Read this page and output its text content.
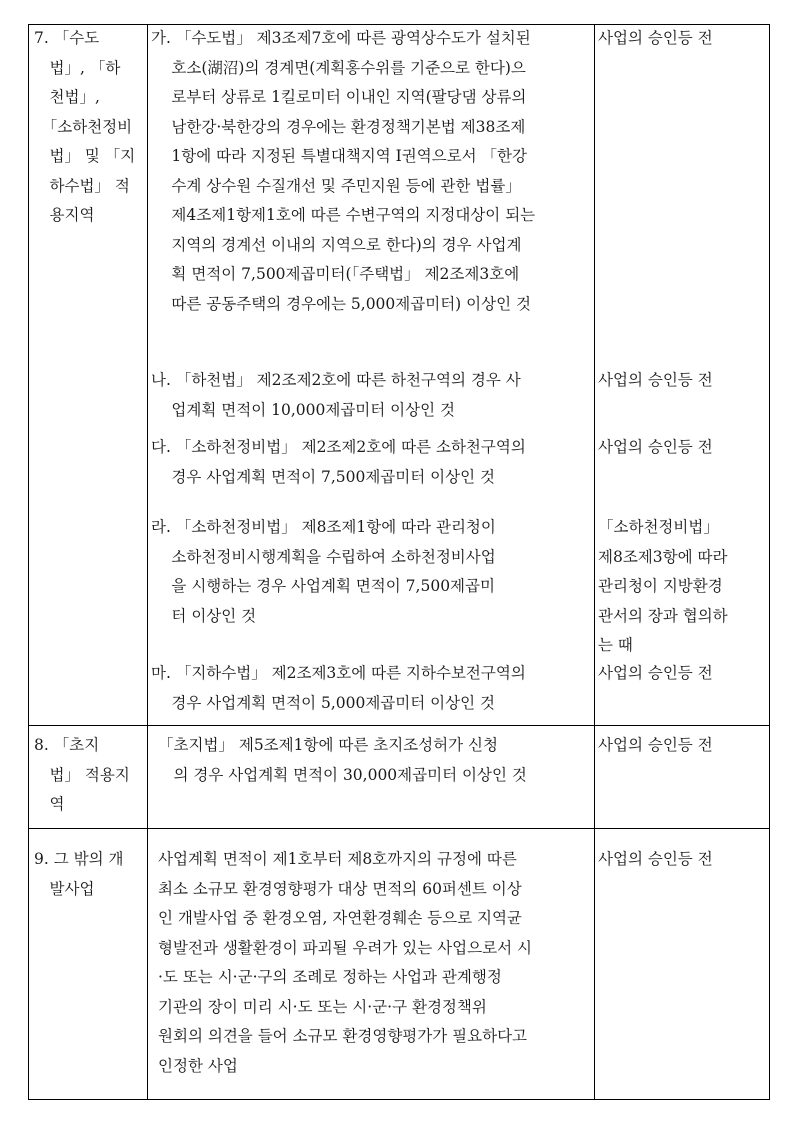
7. 「수도
　법」, 「하
　천법」,
　「소하천정비
　법」 및 「지
　하수법」 적
　용지역
가. 「수도법」 제3조제7호에 따른 광역상수도가 설치된
　 호소(湖沼)의 경계면(계획홍수위를 기준으로 한다)으
　 로부터 상류로 1킬로미터 이내인 지역(팔당댐 상류의
　 남한강·북한강의 경우에는 환경정책기본법 제38조제
　 1항에 따라 지정된 특별대책지역 Ⅰ권역으로서 「한강
　 수계 상수원 수질개선 및 주민지원 등에 관한 법률」
　 제4조제1항제1호에 따른 수변구역의 지정대상이 되는
　 지역의 경계선 이내의 지역으로 한다)의 경우 사업계
　 획 면적이 7,500제곱미터(「주택법」 제2조제3호에
　 따른 공동주택의 경우에는 5,000제곱미터) 이상인 것
사업의 승인등 전
나. 「하천법」 제2조제2호에 따른 하천구역의 경우 사
　 업계획 면적이 10,000제곱미터 이상인 것
사업의 승인등 전
다. 「소하천정비법」 제2조제2호에 따른 소하천구역의
　 경우 사업계획 면적이 7,500제곱미터 이상인 것
사업의 승인등 전
라. 「소하천정비법」 제8조제1항에 따라 관리청이
　 소하천정비시행계획을 수립하여 소하천정비사업
　 을 시행하는 경우 사업계획 면적이 7,500제곱미
　 터 이상인 것
「소하천정비법」
제8조제3항에 따라
관리청이 지방환경
관서의 장과 협의하
는 때
마. 「지하수법」 제2조제3호에 따른 지하수보전구역의
　 경우 사업계획 면적이 5,000제곱미터 이상인 것
사업의 승인등 전
8. 「초지
　법」 적용지
　역
「초지법」 제5조제1항에 따른 초지조성허가 신청
　의 경우 사업계획 면적이 30,000제곱미터 이상인 것
사업의 승인등 전
9. 그 밖의 개
　발사업
사업계획 면적이 제1호부터 제8호까지의 규정에 따른
최소 소규모 환경영향평가 대상 면적의 60퍼센트 이상
인 개발사업 중 환경오염, 자연환경훼손 등으로 지역균
형발전과 생활환경이 파괴될 우려가 있는 사업으로서 시
·도 또는 시·군·구의 조례로 정하는 사업과 관계행정
기관의 장이 미리 시·도 또는 시·군·구 환경정책위
원회의 의견을 들어 소규모 환경영향평가가 필요하다고
인정한 사업
사업의 승인등 전
